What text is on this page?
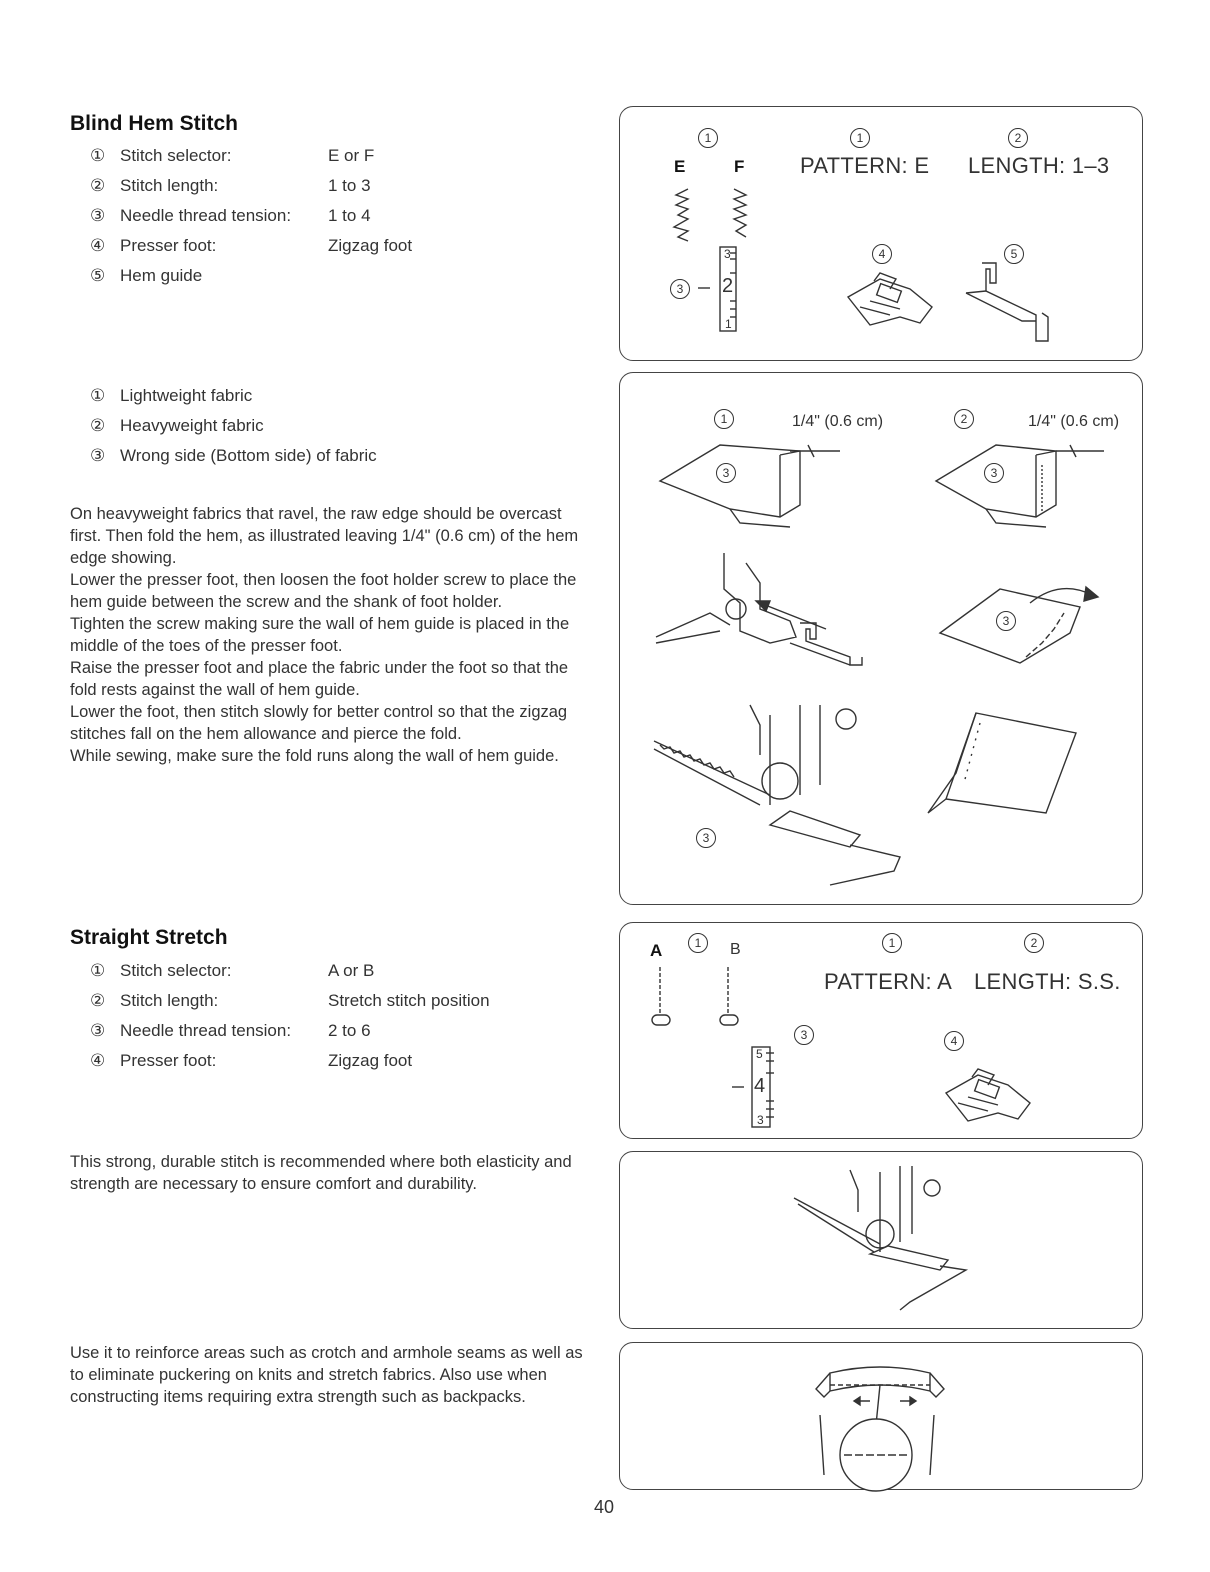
Blind Hem Stitch
① Stitch selector:	E or F
② Stitch length:	1 to 3
③ Needle thread tension: 1 to 4
④ Presser foot:	Zigzag foot
⑤ Hem guide
① Lightweight fabric
② Heavyweight fabric
③ Wrong side (Bottom side) of fabric

On heavyweight fabrics that ravel, the raw edge should be overcast first. Then fold the hem, as illustrated leaving 1/4" (0.6 cm) of the hem edge showing.

Lower the presser foot, then loosen the foot holder screw to place the hem guide between the screw and the shank of foot holder.

Tighten the screw making sure the wall of hem guide is placed in the middle of the toes of the presser foot.

Raise the presser foot and place the fabric under the foot so that the fold rests against the wall of hem guide.

Lower the foot, then stitch slowly for better control so that the zigzag stitches fall on the hem allowance and pierce the fold.

While sewing, make sure the fold runs along the wall of hem guide.

Straight Stretch
① Stitch selector:	A or B
② Stitch length:	Stretch stitch position
③ Needle thread tension: 2 to 6
④ Presser foot:	Zigzag foot
This strong, durable stitch is recommended where both elasticity and strength are necessary to ensure comfort and durability.
Use it to reinforce areas such as crotch and armhole seams as well as to eliminate puckering on knits and stretch fabrics. Also use when constructing items requiring extra strength such as backpacks.
1	1	2
E	F	PATTERN: E LENGTH: 1–3
3
3
2
1
4	5
1	1/4" (0.6 cm)	2	1/4" (0.6 cm)
3	3
3
3
A	1	B	1	2
PATTERN: A LENGTH: S.S.
3	4
5
4
3
40
